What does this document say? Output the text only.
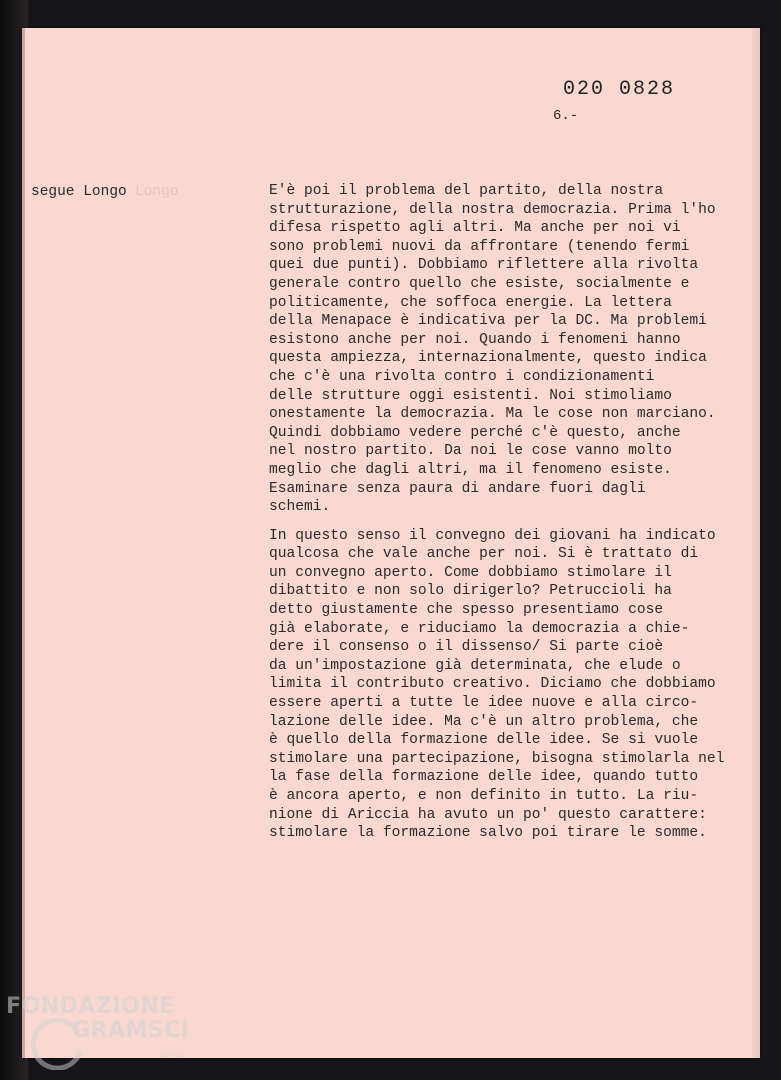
020 0828
6.-
segue Longo Longo	E'è poi il problema del partito, della nostra
strutturazione, della nostra democrazia. Prima l'ho
difesa rispetto agli altri. Ma anche per noi vi
sono problemi nuovi da affrontare (tenendo fermi
quei due punti). Dobbiamo riflettere alla rivolta
generale contro quello che esiste, socialmente e
politicamente, che soffoca energie. La lettera
della Menapace è indicativa per la DC. Ma problemi
esistono anche per noi. Quando i fenomeni hanno
questa ampiezza, internazionalmente, questo indica
che c'è una rivolta contro i condizionamenti
delle strutture oggi esistenti. Noi stimoliamo
onestamente la democrazia. Ma le cose non marciano.
Quindi dobbiamo vedere perché c'è questo, anche
nel nostro partito. Da noi le cose vanno molto
meglio che dagli altri, ma il fenomeno esiste.
Esaminare senza paura di andare fuori dagli
schemi.
In questo senso il convegno dei giovani ha indicato
qualcosa che vale anche per noi. Si è trattato di
un convegno aperto. Come dobbiamo stimolare il
dibattito e non solo dirigerlo? Petruccioli ha
detto giustamente che spesso presentiamo cose
già elaborate, e riduciamo la democrazia a chie-
dere il consenso o il dissenso/ Si parte cioè
da un'impostazione già determinata, che elude o
limita il contributo creativo. Diciamo che dobbiamo
essere aperti a tutte le idee nuove e alla circo-
lazione delle idee. Ma c'è un altro problema, che
è quello della formazione delle idee. Se si vuole
stimolare una partecipazione, bisogna stimolarla nel
la fase della formazione delle idee, quando tutto
è ancora aperto, e non definito in tutto. La riu-
nione di Ariccia ha avuto un po' questo carattere:
stimolare la formazione salvo poi tirare le somme.
FONDAZIONE
GRAMSCI
onlus
